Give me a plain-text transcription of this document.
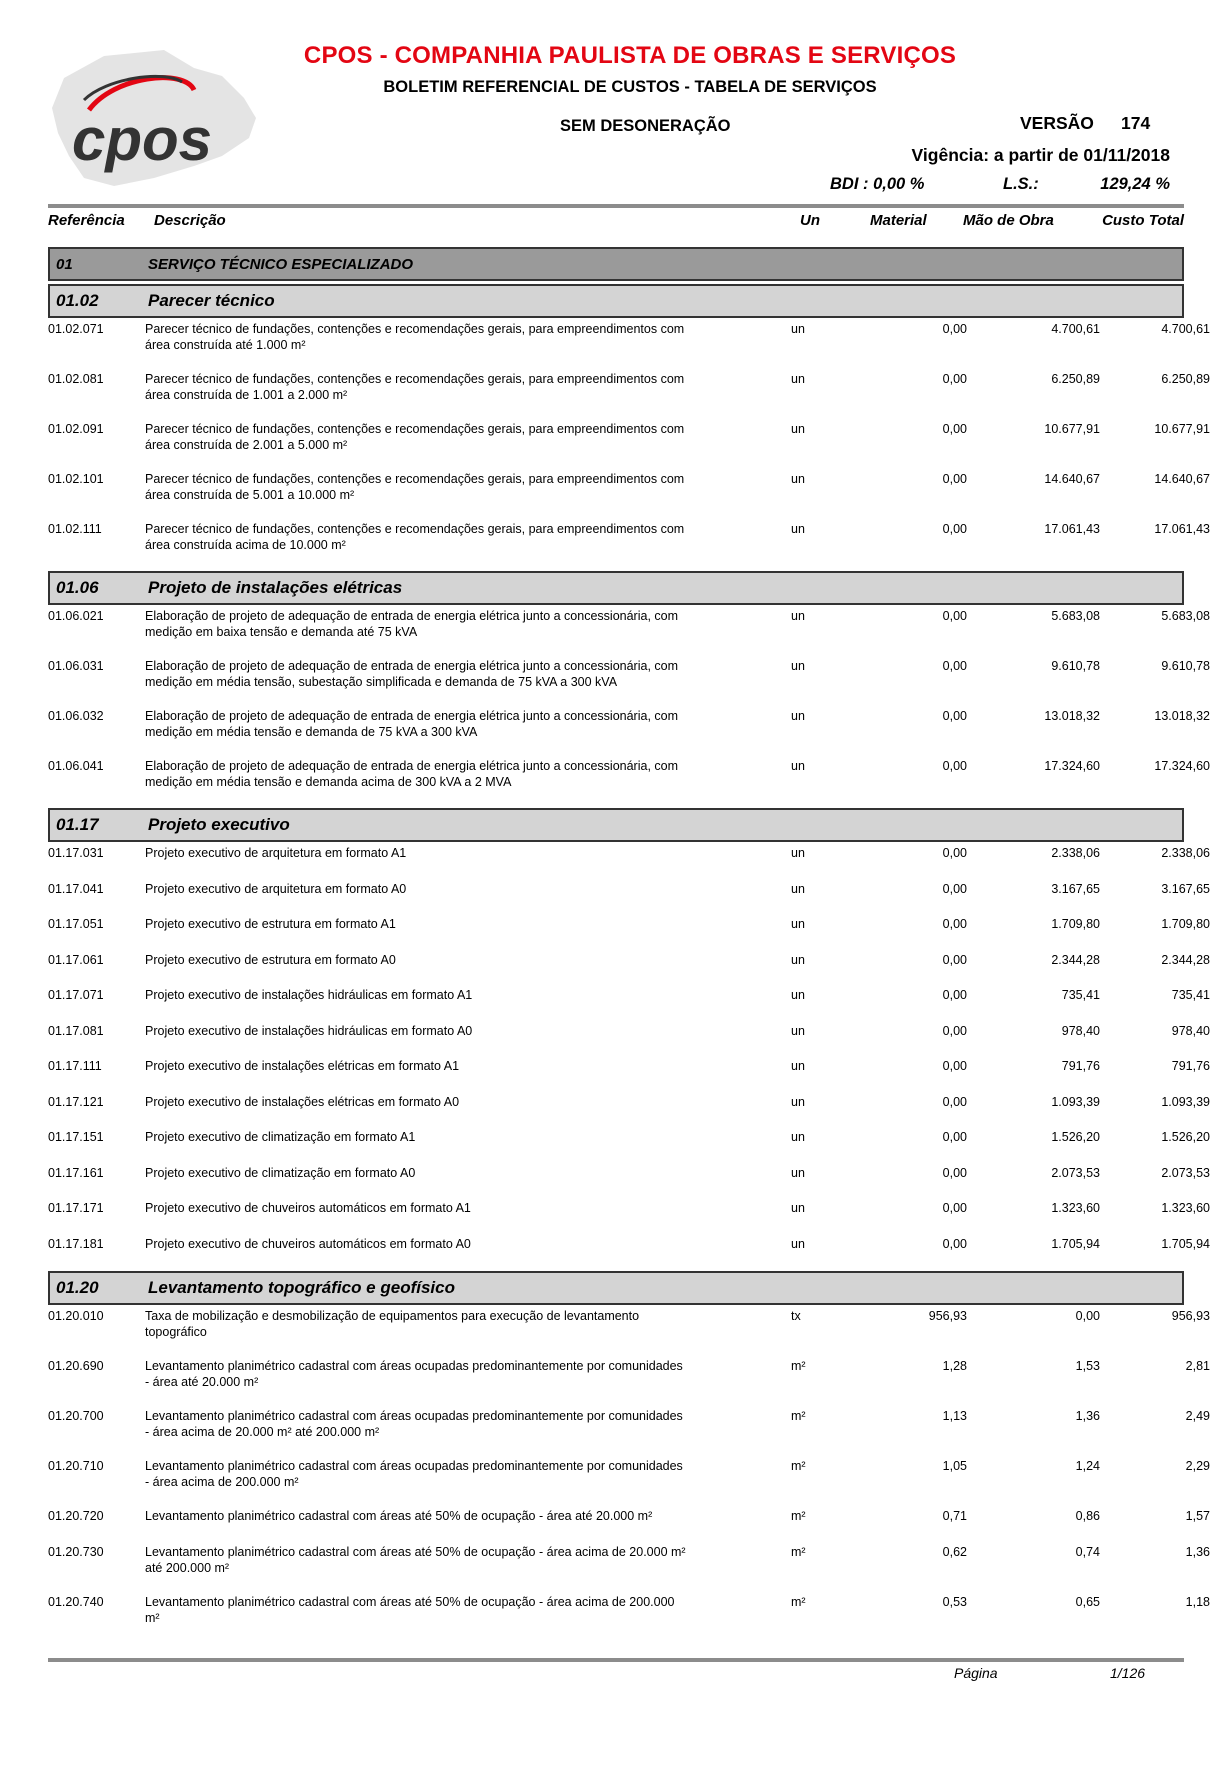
cpos
CPOS - COMPANHIA PAULISTA DE OBRAS E SERVIÇOS
BOLETIM REFERENCIAL DE CUSTOS - TABELA DE SERVIÇOS
SEM DESONERAÇÃO	VERSÃO 174
Vigência: a partir de 01/11/2018
BDI : 0,00 %	L.S.:	129,24 %
Referência Descrição	Un	Material Mão de Obra	Custo Total
01	SERVIÇO TÉCNICO ESPECIALIZADO
01.02	Parecer técnico
01.02.071	Parecer técnico de fundações, contenções e recomendações gerais, para empreendimentos com
área construída até 1.000 m²
un	0,00	4.700,61	4.700,61
01.02.081	Parecer técnico de fundações, contenções e recomendações gerais, para empreendimentos com
área construída de 1.001 a 2.000 m²
un	0,00	6.250,89	6.250,89
01.02.091	Parecer técnico de fundações, contenções e recomendações gerais, para empreendimentos com
área construída de 2.001 a 5.000 m²
un	0,00	10.677,91	10.677,91
01.02.101	Parecer técnico de fundações, contenções e recomendações gerais, para empreendimentos com
área construída de 5.001 a 10.000 m²
un	0,00	14.640,67	14.640,67
01.02.111	Parecer técnico de fundações, contenções e recomendações gerais, para empreendimentos com
área construída acima de 10.000 m²
un	0,00	17.061,43	17.061,43
01.06	Projeto de instalações elétricas
01.06.021	Elaboração de projeto de adequação de entrada de energia elétrica junto a concessionária, com
medição em baixa tensão e demanda até 75 kVA
un	0,00	5.683,08	5.683,08
01.06.031	Elaboração de projeto de adequação de entrada de energia elétrica junto a concessionária, com
medição em média tensão, subestação simplificada e demanda de 75 kVA a 300 kVA
un	0,00	9.610,78	9.610,78
01.06.032	Elaboração de projeto de adequação de entrada de energia elétrica junto a concessionária, com
medição em média tensão e demanda de 75 kVA a 300 kVA
un	0,00	13.018,32	13.018,32
01.06.041	Elaboração de projeto de adequação de entrada de energia elétrica junto a concessionária, com
medição em média tensão e demanda acima de 300 kVA a 2 MVA
un	0,00	17.324,60	17.324,60
01.17	Projeto executivo
01.17.031	Projeto executivo de arquitetura em formato A1	un	0,00	2.338,06	2.338,06
01.17.041	Projeto executivo de arquitetura em formato A0	un	0,00	3.167,65	3.167,65
01.17.051	Projeto executivo de estrutura em formato A1	un	0,00	1.709,80	1.709,80
01.17.061	Projeto executivo de estrutura em formato A0	un	0,00	2.344,28	2.344,28
01.17.071	Projeto executivo de instalações hidráulicas em formato A1	un	0,00	735,41	735,41
01.17.081	Projeto executivo de instalações hidráulicas em formato A0	un	0,00	978,40	978,40
01.17.111	Projeto executivo de instalações elétricas em formato A1	un	0,00	791,76	791,76
01.17.121	Projeto executivo de instalações elétricas em formato A0	un	0,00	1.093,39	1.093,39
01.17.151	Projeto executivo de climatização em formato A1	un	0,00	1.526,20	1.526,20
01.17.161	Projeto executivo de climatização em formato A0	un	0,00	2.073,53	2.073,53
01.17.171	Projeto executivo de chuveiros automáticos em formato A1	un	0,00	1.323,60	1.323,60
01.17.181	Projeto executivo de chuveiros automáticos em formato A0	un	0,00	1.705,94	1.705,94
01.20	Levantamento topográfico e geofísico
01.20.010	Taxa de mobilização e desmobilização de equipamentos para execução de levantamento
topográfico
tx	956,93	0,00	956,93
01.20.690	Levantamento planimétrico cadastral com áreas ocupadas predominantemente por comunidades
- área até 20.000 m²
m²	1,28	1,53	2,81
01.20.700	Levantamento planimétrico cadastral com áreas ocupadas predominantemente por comunidades
- área acima de 20.000 m² até 200.000 m²
m²	1,13	1,36	2,49
01.20.710	Levantamento planimétrico cadastral com áreas ocupadas predominantemente por comunidades
- área acima de 200.000 m²
m²	1,05	1,24	2,29
01.20.720	Levantamento planimétrico cadastral com áreas até 50% de ocupação - área até 20.000 m²	m²	0,71	0,86	1,57
01.20.730	Levantamento planimétrico cadastral com áreas até 50% de ocupação - área acima de 20.000 m²
até 200.000 m²
m²	0,62	0,74	1,36
01.20.740	Levantamento planimétrico cadastral com áreas até 50% de ocupação - área acima de 200.000
m²
m²	0,53	0,65	1,18
Página	1/126
